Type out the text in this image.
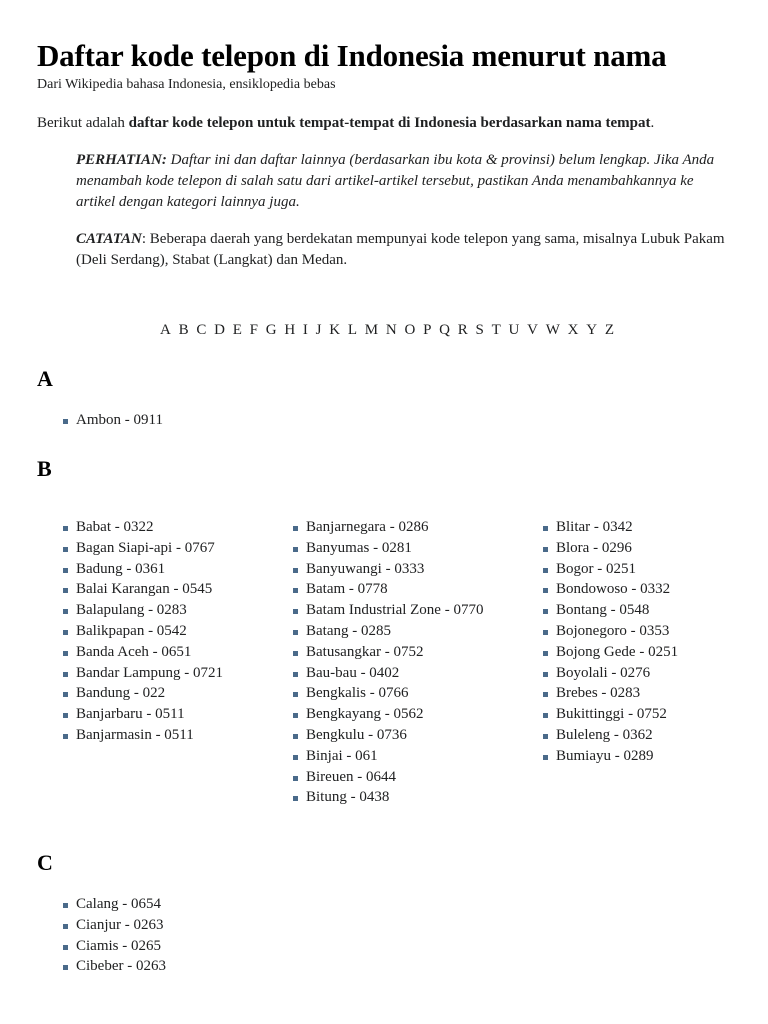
Daftar kode telepon di Indonesia menurut nama
Dari Wikipedia bahasa Indonesia, ensiklopedia bebas
Berikut adalah daftar kode telepon untuk tempat-tempat di Indonesia berdasarkan nama tempat.
PERHATIAN: Daftar ini dan daftar lainnya (berdasarkan ibu kota & provinsi) belum lengkap. Jika Anda menambah kode telepon di salah satu dari artikel-artikel tersebut, pastikan Anda menambahkannya ke artikel dengan kategori lainnya juga.
CATATAN: Beberapa daerah yang berdekatan mempunyai kode telepon yang sama, misalnya Lubuk Pakam (Deli Serdang), Stabat (Langkat) dan Medan.
A B C D E F G H I J K L M N O P Q R S T U V W X Y Z
A
Ambon - 0911
B
Babat - 0322
Bagan Siapi-api - 0767
Badung - 0361
Balai Karangan - 0545
Balapulang - 0283
Balikpapan - 0542
Banda Aceh - 0651
Bandar Lampung - 0721
Bandung - 022
Banjarbaru - 0511
Banjarmasin - 0511
Banjarnegara - 0286
Banyumas - 0281
Banyuwangi - 0333
Batam - 0778
Batam Industrial Zone - 0770
Batang - 0285
Batusangkar - 0752
Bau-bau - 0402
Bengkalis - 0766
Bengkayang - 0562
Bengkulu - 0736
Binjai - 061
Bireuen - 0644
Bitung - 0438
Blitar - 0342
Blora - 0296
Bogor - 0251
Bondowoso - 0332
Bontang - 0548
Bojonegoro - 0353
Bojong Gede - 0251
Boyolali - 0276
Brebes - 0283
Bukittinggi - 0752
Buleleng - 0362
Bumiayu - 0289
C
Calang - 0654
Cianjur - 0263
Ciamis - 0265
Cibeber - 0263
